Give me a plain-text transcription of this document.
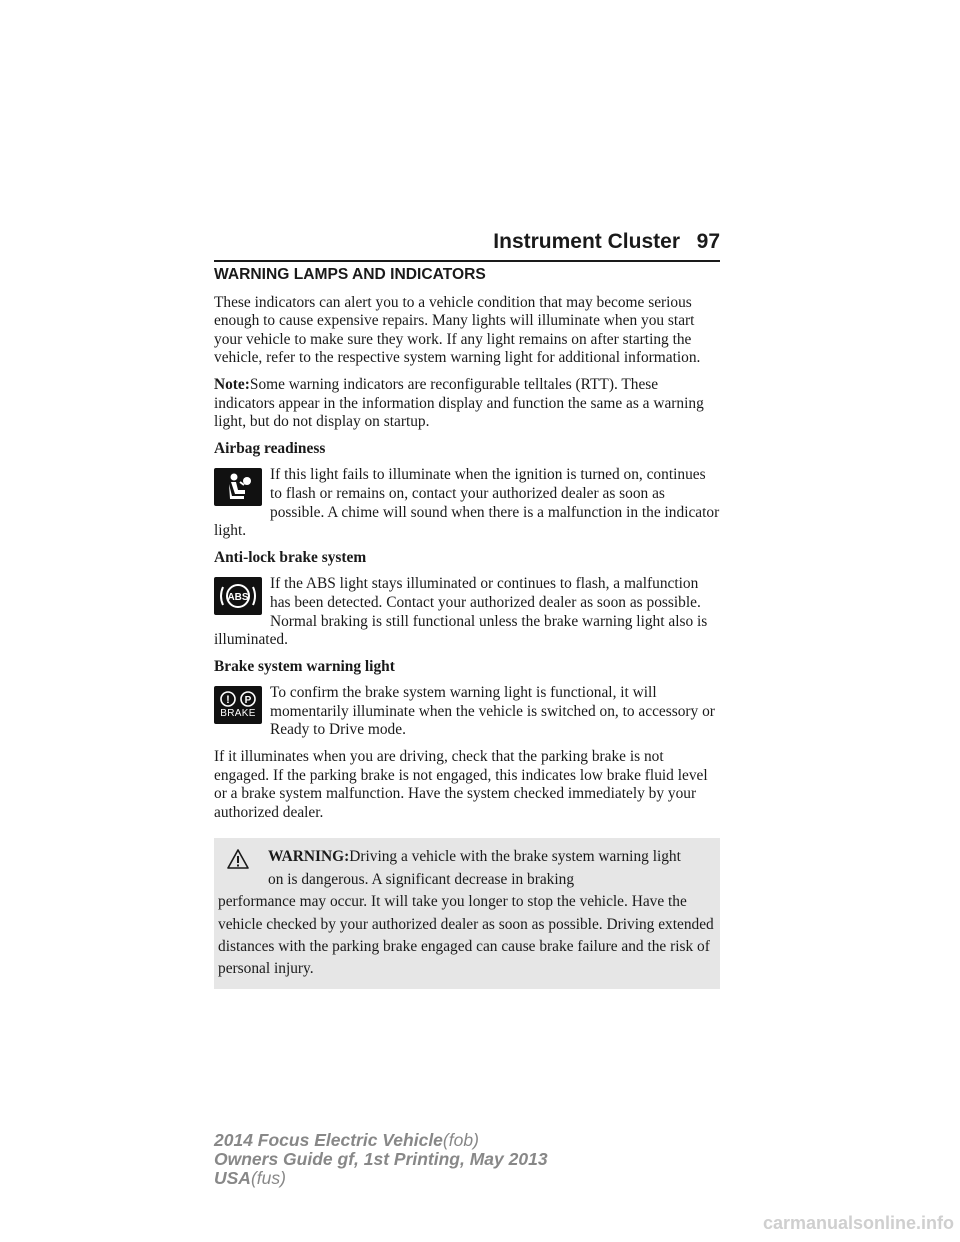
Instrument Cluster 97
WARNING LAMPS AND INDICATORS

These indicators can alert you to a vehicle condition that may become serious enough to cause expensive repairs. Many lights will illuminate when you start your vehicle to make sure they work. If any light remains on after starting the vehicle, refer to the respective system warning light for additional information.

Note:Some warning indicators are reconfigurable telltales (RTT). These indicators appear in the information display and function the same as a warning light, but do not display on startup.

Airbag readiness
If this light fails to illuminate when the ignition is turned on, continues to flash or remains on, contact your authorized dealer as soon as possible. A chime will sound when there is a malfunction in the indicator light.
Anti-lock brake system
ABS
If the ABS light stays illuminated or continues to flash, a malfunction has been detected. Contact your authorized dealer as soon as possible. Normal braking is still functional unless the brake warning light also is illuminated.
Brake system warning light
! P
BRAKE
To confirm the brake system warning light is functional, it will momentarily illuminate when the vehicle is switched on, to accessory or Ready to Drive mode.

If it illuminates when you are driving, check that the parking brake is not engaged. If the parking brake is not engaged, this indicates low brake fluid level or a brake system malfunction. Have the system checked immediately by your authorized dealer.

WARNING:Driving a vehicle with the brake system warning light on is dangerous. A significant decrease in braking
performance may occur. It will take you longer to stop the vehicle. Have the vehicle checked by your authorized dealer as soon as possible. Driving extended distances with the parking brake engaged can cause brake failure and the risk of personal injury.
2014 Focus Electric Vehicle(fob)
Owners Guide gf, 1st Printing, May 2013
USA(fus)
carmanualsonline.info
